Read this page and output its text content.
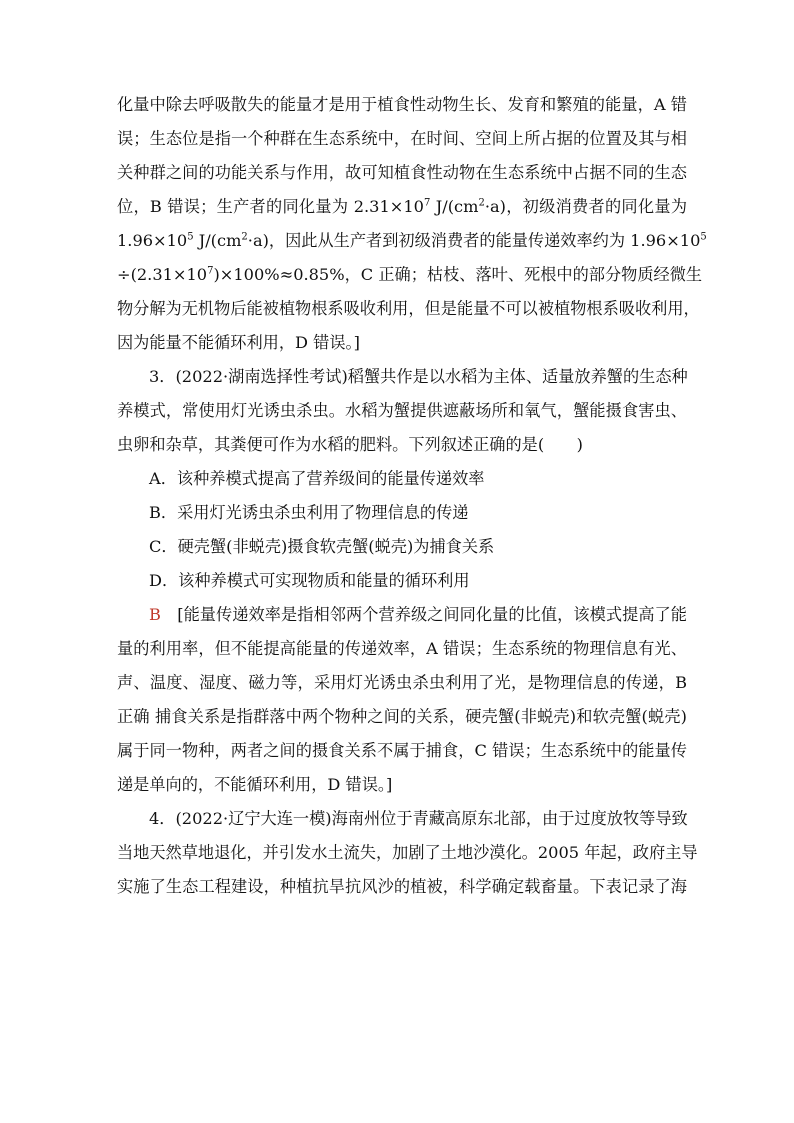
化量中除去呼吸散失的能量才是用于植食性动物生长、发育和繁殖的能量，A 错
误；生态位是指一个种群在生态系统中，在时间、空间上所占据的位置及其与相
关种群之间的功能关系与作用，故可知植食性动物在生态系统中占据不同的生态
位，B 错误；生产者的同化量为 $2.31\times 10^7$ $J/(cm^2\cdot a)$，初级消费者的同化量为
$1.96\times 10^5$ $J/(cm^2\cdot a)$，因此从生产者到初级消费者的能量传递效率约为 $1.96\times 10^5$
$\div(2.31\times 10^7)\times 100\%\approx 0.85\%$，C 正确；枯枝、落叶、死根中的部分物质经微生
物分解为无机物后能被植物根系吸收利用，但是能量不可以被植物根系吸收利用，
因为能量不能循环利用，D 错误。]
3．(2022·湖南选择性考试)稻蟹共作是以水稻为主体、适量放养蟹的生态种
养模式，常使用灯光诱虫杀虫。水稻为蟹提供遮蔽场所和氧气，蟹能摄食害虫、
虫卵和杂草，其粪便可作为水稻的肥料。下列叙述正确的是(　　)
A．该种养模式提高了营养级间的能量传递效率
B．采用灯光诱虫杀虫利用了物理信息的传递
C．硬壳蟹(非蜕壳)摄食软壳蟹(蜕壳)为捕食关系
D．该种养模式可实现物质和能量的循环利用
B　[能量传递效率是指相邻两个营养级之间同化量的比值，该模式提高了能
量的利用率，但不能提高能量的传递效率，A 错误；生态系统的物理信息有光、
声、温度、湿度、磁力等，采用灯光诱虫杀虫利用了光，是物理信息的传递，B
正确 捕食关系是指群落中两个物种之间的关系，硬壳蟹(非蜕壳)和软壳蟹(蜕壳)
属于同一物种，两者之间的摄食关系不属于捕食，C 错误；生态系统中的能量传
递是单向的，不能循环利用，D 错误。]
4．(2022·辽宁大连一模)海南州位于青藏高原东北部，由于过度放牧等导致
当地天然草地退化，并引发水土流失，加剧了土地沙漠化。2005 年起，政府主导
实施了生态工程建设，种植抗旱抗风沙的植被，科学确定载畜量。下表记录了海
